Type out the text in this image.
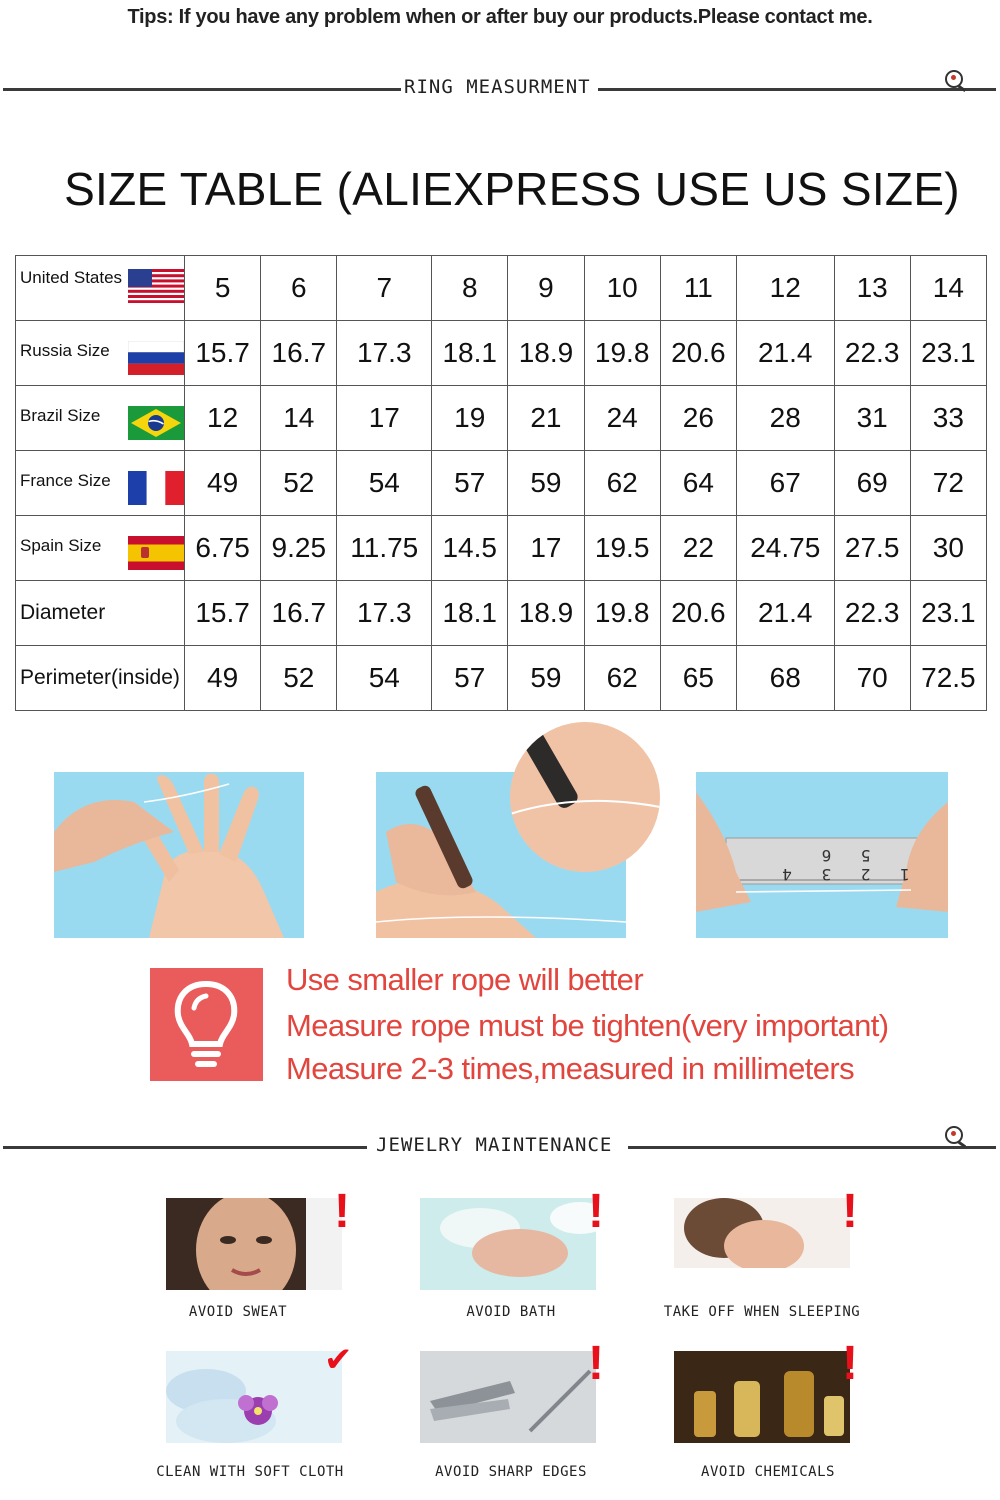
Tips: If you have any problem when or after buy our products.Please contact me.
RING MEASURMENT
SIZE TABLE (ALIEXPRESS USE US SIZE)
United States	5	6	7	8	9	10	11	12	13	14
Russia Size	15.7	16.7	17.3	18.1	18.9	19.8	20.6	21.4	22.3	23.1
Brazil Size	12	14	17	19	21	24	26	28	31	33
France Size	49	52	54	57	59	62	64	67	69	72
Spain Size	6.75	9.25	11.75	14.5	17	19.5	22	24.75	27.5	30
Diameter	15.7	16.7	17.3	18.1	18.9	19.8	20.6	21.4	22.3	23.1
Perimeter(inside)	49	52	54	57	59	62	65	68	70	72.5
1 2 3 4 5 6
Use smaller rope will better
Measure rope must be tighten(very important)
Measure 2-3 times,measured in millimeters
JEWELRY MAINTENANCE
!
AVOID SWEAT
!
AVOID BATH
!
TAKE OFF WHEN SLEEPING
✔
CLEAN WITH SOFT CLOTH
!
AVOID SHARP EDGES
!
AVOID CHEMICALS
